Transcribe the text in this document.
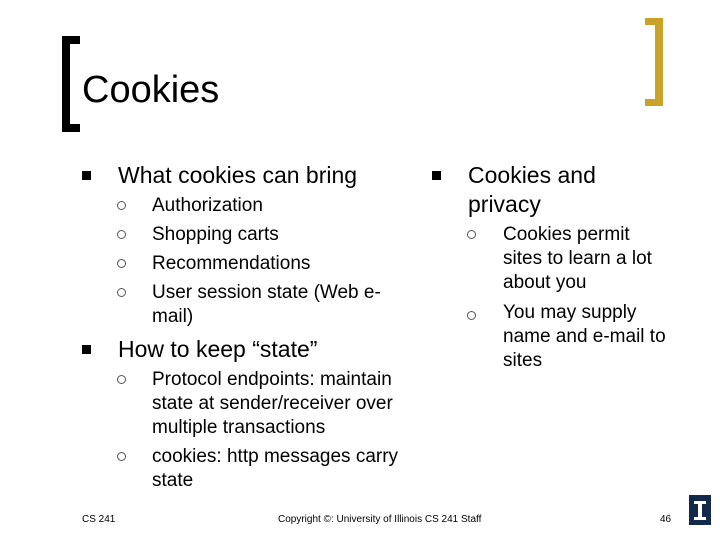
Cookies
What cookies can bring
Authorization
Shopping carts
Recommendations
User session state (Web e-mail)
How to keep “state”
Protocol endpoints: maintain state at sender/receiver over multiple transactions
cookies: http messages carry state
Cookies and privacy
Cookies permit sites to learn a lot about you
You may supply name and e-mail to sites
CS 241	Copyright ©: University of Illinois CS 241 Staff	46
